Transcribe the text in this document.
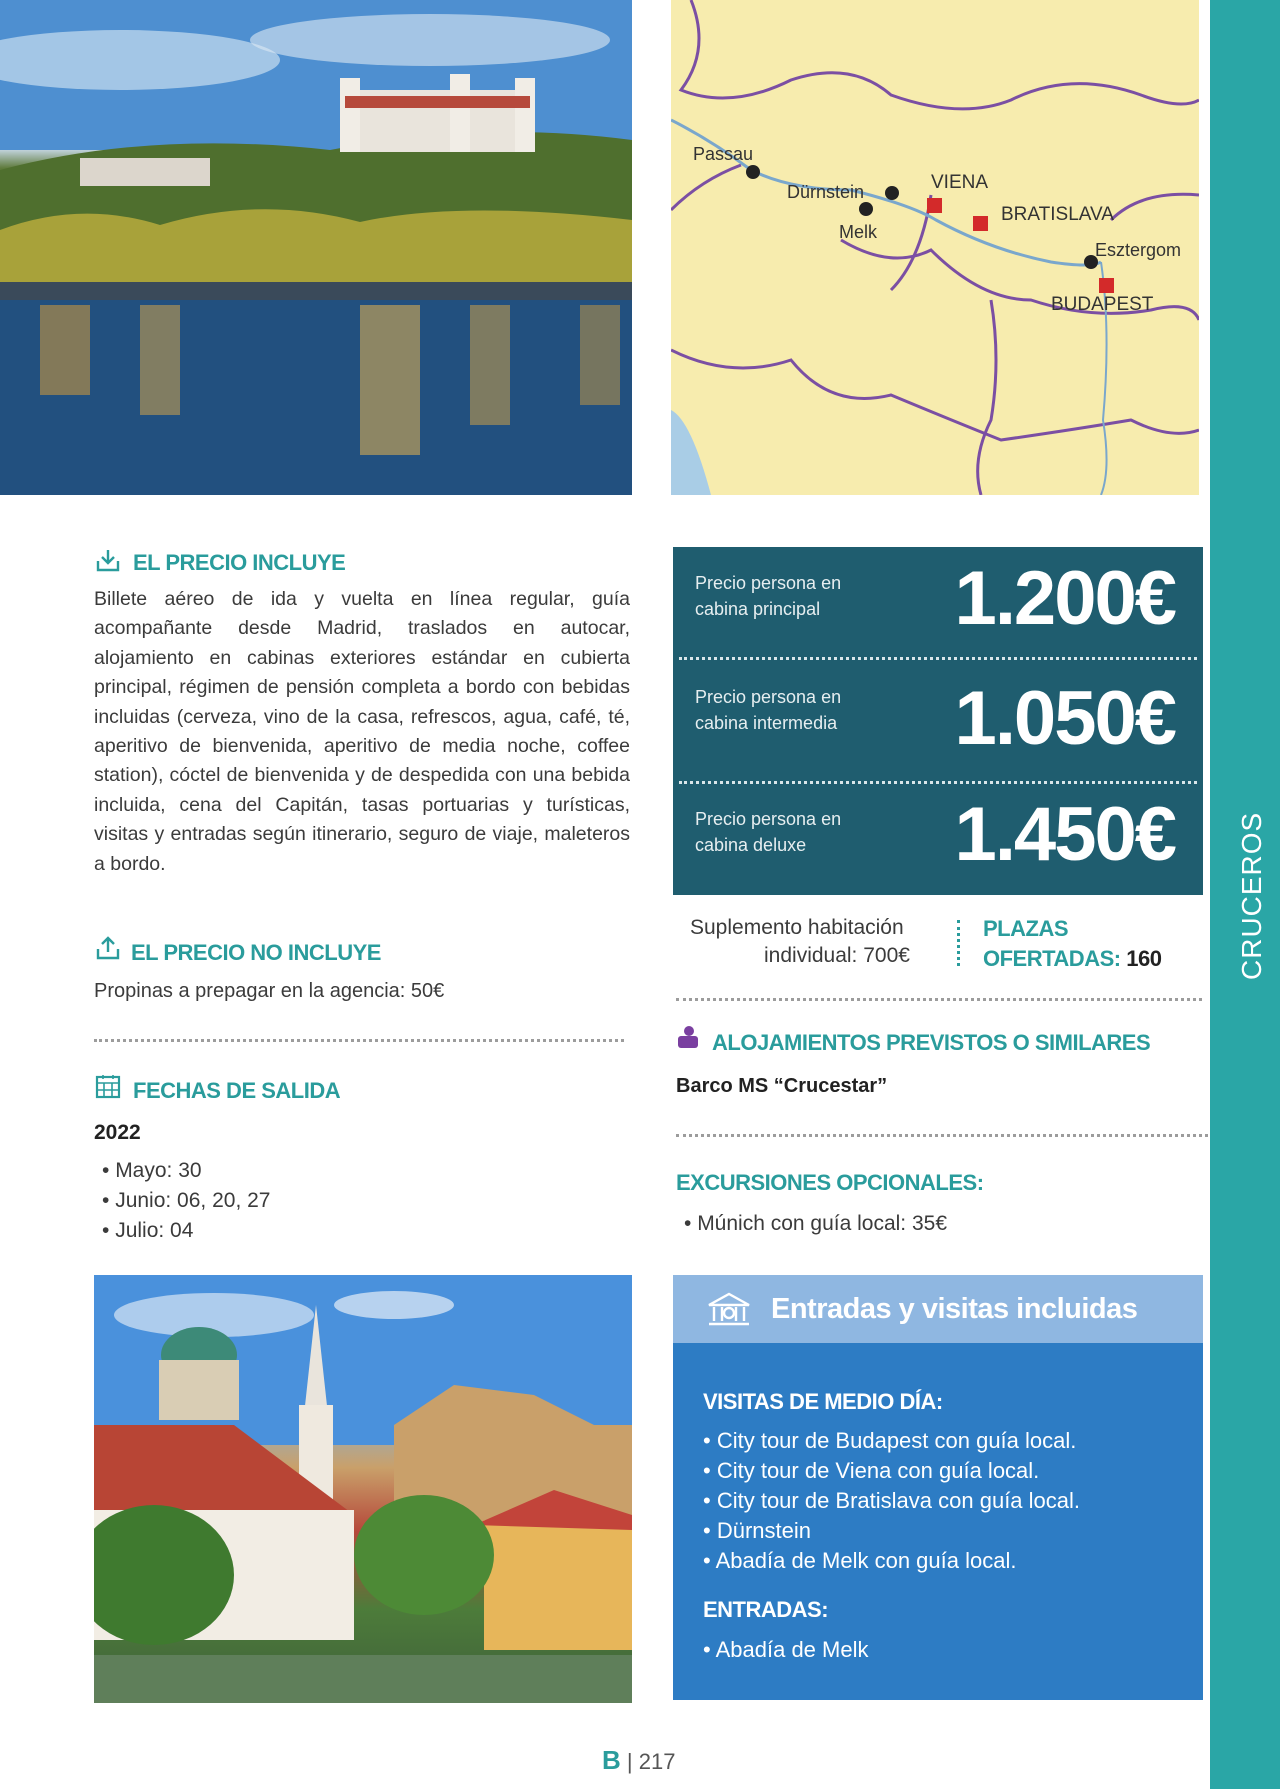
Passau
Dürnstein
Melk
VIENA
BRATISLAVA
Esztergom
BUDAPEST
CRUCEROS
EL PRECIO INCLUYE
Billete aéreo de ida y vuelta en línea regular, guía acompañante desde Madrid, traslados en autocar, alojamiento en cabinas exteriores estándar en cubierta principal, régimen de pensión completa a bordo con bebidas incluidas (cerveza, vino de la casa, refrescos, agua, café, té, aperitivo de bienvenida, aperitivo de media noche, coffee station), cóctel de bienvenida y de despedida con una bebida incluida, cena del Capitán, tasas portuarias y turísticas, visitas y entradas según itinerario, seguro de viaje, maleteros a bordo.
EL PRECIO NO INCLUYE
Propinas a prepagar en la agencia: 50€
FECHAS DE SALIDA
2022
• Mayo: 30
• Junio: 06, 20, 27
• Julio: 04
Precio persona en cabina principal	1.200€
Precio persona en cabina intermedia	1.050€
Precio persona en cabina deluxe	1.450€
Suplemento habitación
individual: 700€
PLAZAS
OFERTADAS: 160
ALOJAMIENTOS PREVISTOS O SIMILARES
Barco MS “Crucestar”
EXCURSIONES OPCIONALES:
• Múnich con guía local: 35€
Entradas y visitas incluidas
VISITAS DE MEDIO DÍA:
• City tour de Budapest con guía local.
• City tour de Viena con guía local.
• City tour de Bratislava con guía local.
• Dürnstein
• Abadía de Melk con guía local.
ENTRADAS:
• Abadía de Melk
B | 217
